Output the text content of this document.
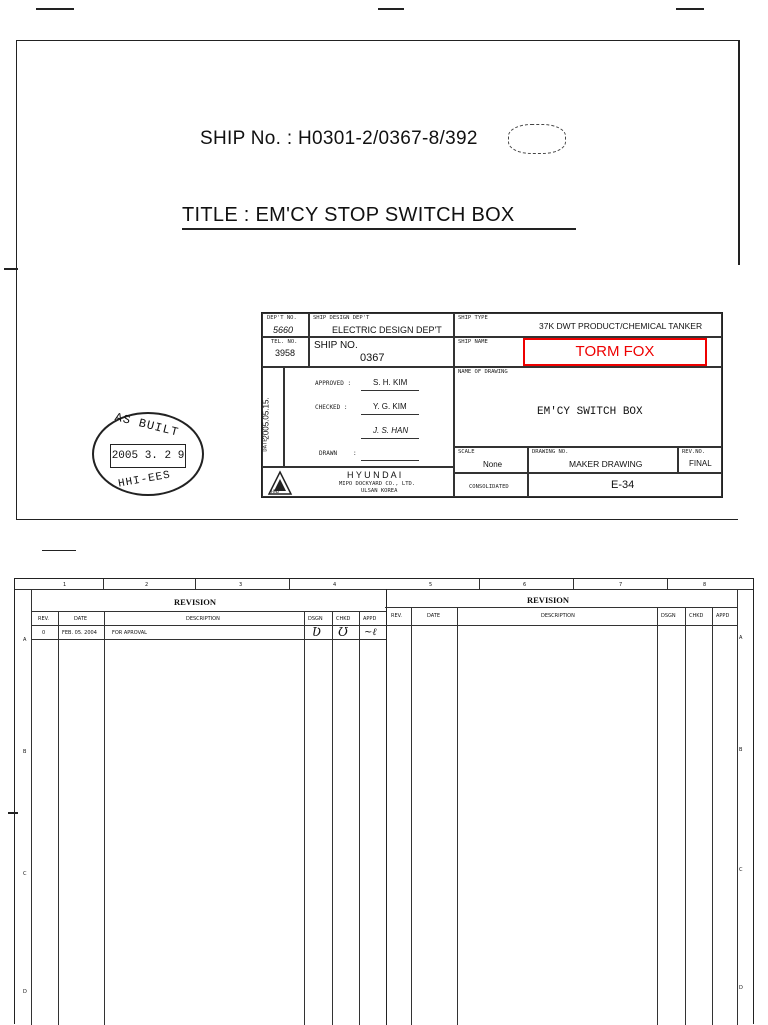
SHIP No. : H0301-2/0367-8/392
TITLE : EM'CY STOP SWITCH BOX
DEP'T NO.
5660
SHIP DESIGN DEP'T
ELECTRIC DESIGN DEP'T
SHIP TYPE
37K DWT PRODUCT/CHEMICAL TANKER
TEL. NO.
3958
SHIP NO.
0367
SHIP NAME
TORM FOX
DATE
2005.05.15.
APPROVED :	S. H. KIM
CHECKED :	Y. G. KIM
J. S. HAN
DRAWN	:
NAME OF DRAWING
EM'CY SWITCH BOX
SCALE
None
DRAWING NO.
MAKER DRAWING
REV.NO.
FINAL
HMD
H Y U N D A I
MIPO DOCKYARD CO., LTD.
ULSAN KOREA
CONSOLIDATED	E-34
AS BUILT
2005 3. 2 9
HHI-EES
1	2	3	4	5	6	7	8
REVISION
REV.	DATE	DESCRIPTION	DSGN	CHKD	APPD
0	FEB. 05. 2004	FOR APROVAL	Ʋ Ʊ ~ℓ
REVISION
REV.	DATE	DESCRIPTION	DSGN	CHKD	APPD
A
B
C
D
A
B
C
D
